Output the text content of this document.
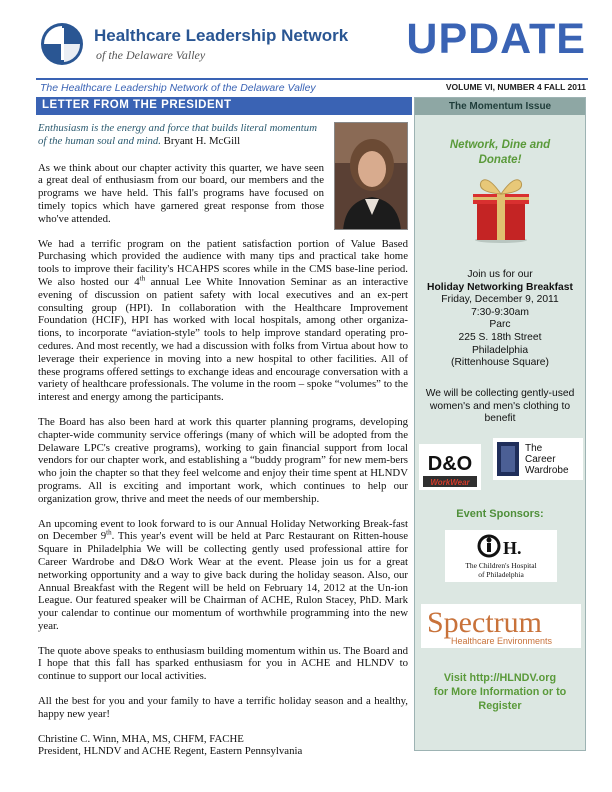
Healthcare Leadership Network
of the Delaware Valley	UPDATE
The Healthcare Leadership Network of the Delaware Valley	VOLUME VI, NUMBER 4 FALL 2011
LETTER FROM THE PRESIDENT
Enthusiasm is the energy and force that builds literal momentum of the human soul and mind. Bryant H. McGill
As we think about our chapter activity this quarter, we have seen a great deal of enthusiasm from our board, our members and the programs we have held. This fall's programs have focused on timely topics which have garnered great response from those who've attended.
We had a terrific program on the patient satisfaction portion of Value Based Purchasing which provided the audience with many tips and practical take home tools to improve their facility's HCAHPS scores while in the CMS base-line period. We also hosted our 4th annual Lee White Innovation Seminar as an interactive evening of discussion on patient safety with local executives and an ex-pert consulting group (HPI). In collaboration with the Healthcare Improvement Foundation (HCIF), HPI has worked with local hospitals, among other organiza-tions, to incorporate “aviation-style” tools to help improve standard operating pro-cedures. And most recently, we had a discussion with folks from Virtua about how to leverage their experience in moving into a new hospital to other facilities. All of these programs offered settings to exchange ideas and encourage conversation with a variety of healthcare professionals. The volume in the room – spoke “volumes” to the interest and energy among the participants.
The Board has also been hard at work this quarter planning programs, developing chapter-wide community service offerings (many of which will be adopted from the Delaware LPC's creative programs), working to gain financial support from local vendors for our chapter work, and establishing a “buddy program” for new mem-bers who join the chapter so that they feel welcome and enjoy their time spent at HLNDV programs. All is exciting and important work, which continues to help our organization grow, thrive and meet the needs of our membership.
An upcoming event to look forward to is our Annual Holiday Networking Break-fast on December 9th. This year's event will be held at Parc Restaurant on Ritten-house Square in Philadelphia We will be collecting gently used professional attire for Career Wardrobe and D&O Work Wear at the event. Please join us for a great networking opportunity and a way to give back during the holiday season. Also, our Annual Breakfast with the Regent will be held on February 14, 2012 at the Un-ion League. Our featured speaker will be Chairman of ACHE, Rulon Stacey, PhD. Mark your calendar to continue our momentum of worthwhile programming into the new year.
The quote above speaks to enthusiasm building momentum within us. The Board and I hope that this fall has sparked enthusiasm for you in ACHE and HLNDV to continue to support our local activities.
All the best for you and your family to have a terrific holiday season and a healthy, happy new year!
Christine C. Winn, MHA, MS, CHFM, FACHE
President, HLNDV and ACHE Regent, Eastern Pennsylvania
The Momentum Issue
Network, Dine and
Donate!
Join us for our
Holiday Networking Breakfast
Friday, December 9, 2011
7:30-9:30am
Parc
225 S. 18th Street
Philadelphia
(Rittenhouse Square)
We will be collecting gently-used women's and men's clothing to benefit
D&O
WorkWear
The
Career
Wardrobe
Event Sponsors:
H.
The Children's Hospital
of Philadelphia
Spectrum
Healthcare Environments
Visit http://HLNDV.org
for More Information or to
Register
